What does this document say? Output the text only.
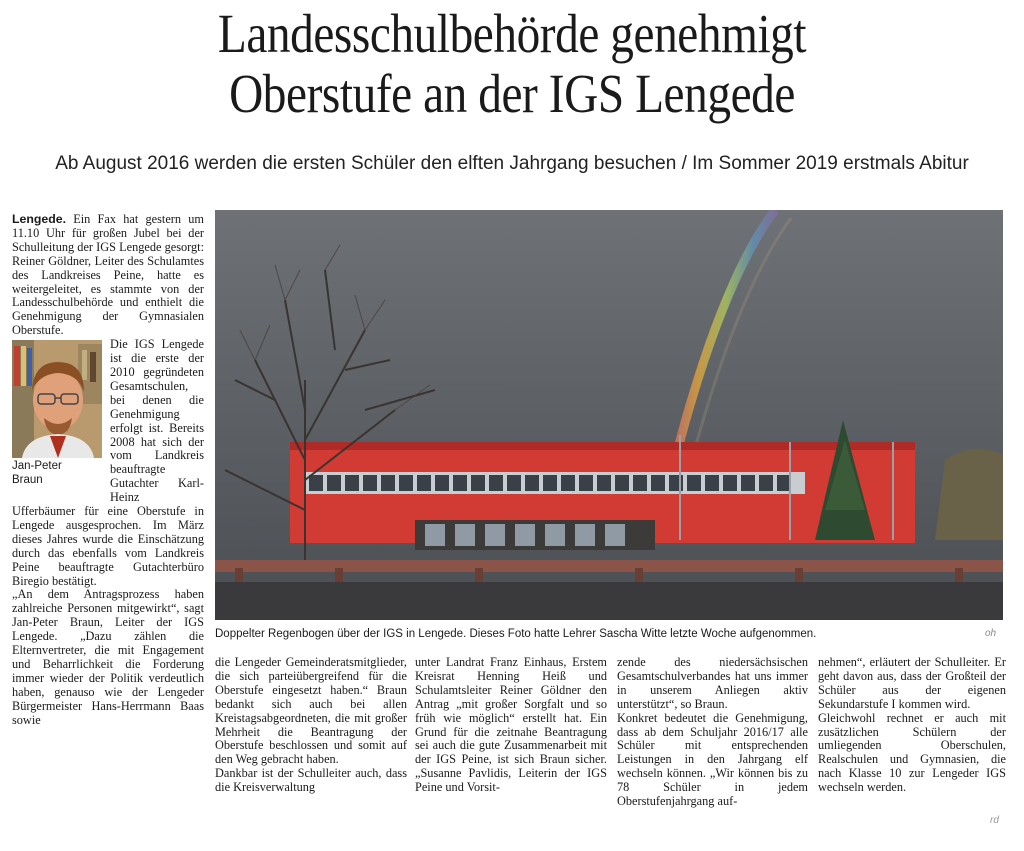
Landesschulbehörde genehmigt
Oberstufe an der IGS Lengede
Ab August 2016 werden die ersten Schüler den elften Jahrgang besuchen / Im Sommer 2019 erstmals Abitur

Lengede. Ein Fax hat gestern um 11.10 Uhr für großen Jubel bei der Schulleitung der IGS Lengede gesorgt: Reiner Göldner, Leiter des Schulamtes des Landkreises Peine, hatte es weitergeleitet, es stammte von der Landesschulbehörde und enthielt die Genehmigung der Gymnasialen Oberstufe.

Jan-Peter
Braun

Die IGS Lengede ist die erste der 2010 gegründeten Gesamtschulen, bei denen die Genehmigung erfolgt ist. Bereits 2008 hat sich der vom Landkreis beauftragte Gutachter Karl-Heinz Ufferbäumer für eine Oberstufe in Lengede ausgesprochen. Im März dieses Jahres wurde die Einschätzung durch das ebenfalls vom Landkreis Peine beauftragte Gutachterbüro Biregio bestätigt.

„An dem Antragsprozess haben zahlreiche Personen mitgewirkt“, sagt Jan-Peter Braun, Leiter der IGS Lengede. „Dazu zählen die Elternvertreter, die mit Engagement und Beharrlichkeit die Forderung immer wieder der Politik verdeutlich haben, genauso wie der Lengeder Bürgermeister Hans-Herrmann Baas sowie

Doppelter Regenbogen über der IGS in Lengede. Dieses Foto hatte Lehrer Sascha Witte letzte Woche aufgenommen.	oh

die Lengeder Gemeinderatsmitglieder, die sich parteiübergreifend für die Oberstufe eingesetzt haben.“ Braun bedankt sich auch bei allen Kreistagsabgeordneten, die mit großer Mehrheit die Beantragung der Oberstufe beschlossen und somit auf den Weg gebracht haben.

Dankbar ist der Schulleiter auch, dass die Kreisverwaltung

unter Landrat Franz Einhaus, Erstem Kreisrat Henning Heiß und Schulamtsleiter Reiner Göldner den Antrag „mit großer Sorgfalt und so früh wie möglich“ erstellt hat. Ein Grund für die zeitnahe Beantragung sei auch die gute Zusammenarbeit mit der IGS Peine, ist sich Braun sicher. „Susanne Pavlidis, Leiterin der IGS Peine und Vorsit-

zende des niedersächsischen Gesamtschulverbandes hat uns immer in unserem Anliegen aktiv unterstützt“, so Braun.

Konkret bedeutet die Genehmigung, dass ab dem Schuljahr 2016/17 alle Schüler mit entsprechenden Leistungen in den Jahrgang elf wechseln können. „Wir können bis zu 78 Schüler in jedem Oberstufenjahrgang auf-

nehmen“, erläutert der Schulleiter. Er geht davon aus, dass der Großteil der Schüler aus der eigenen Sekundarstufe I kommen wird.

Gleichwohl rechnet er auch mit zusätzlichen Schülern der umliegenden Oberschulen, Realschulen und Gymnasien, die nach Klasse 10 zur Lengeder IGS wechseln werden.

rd
